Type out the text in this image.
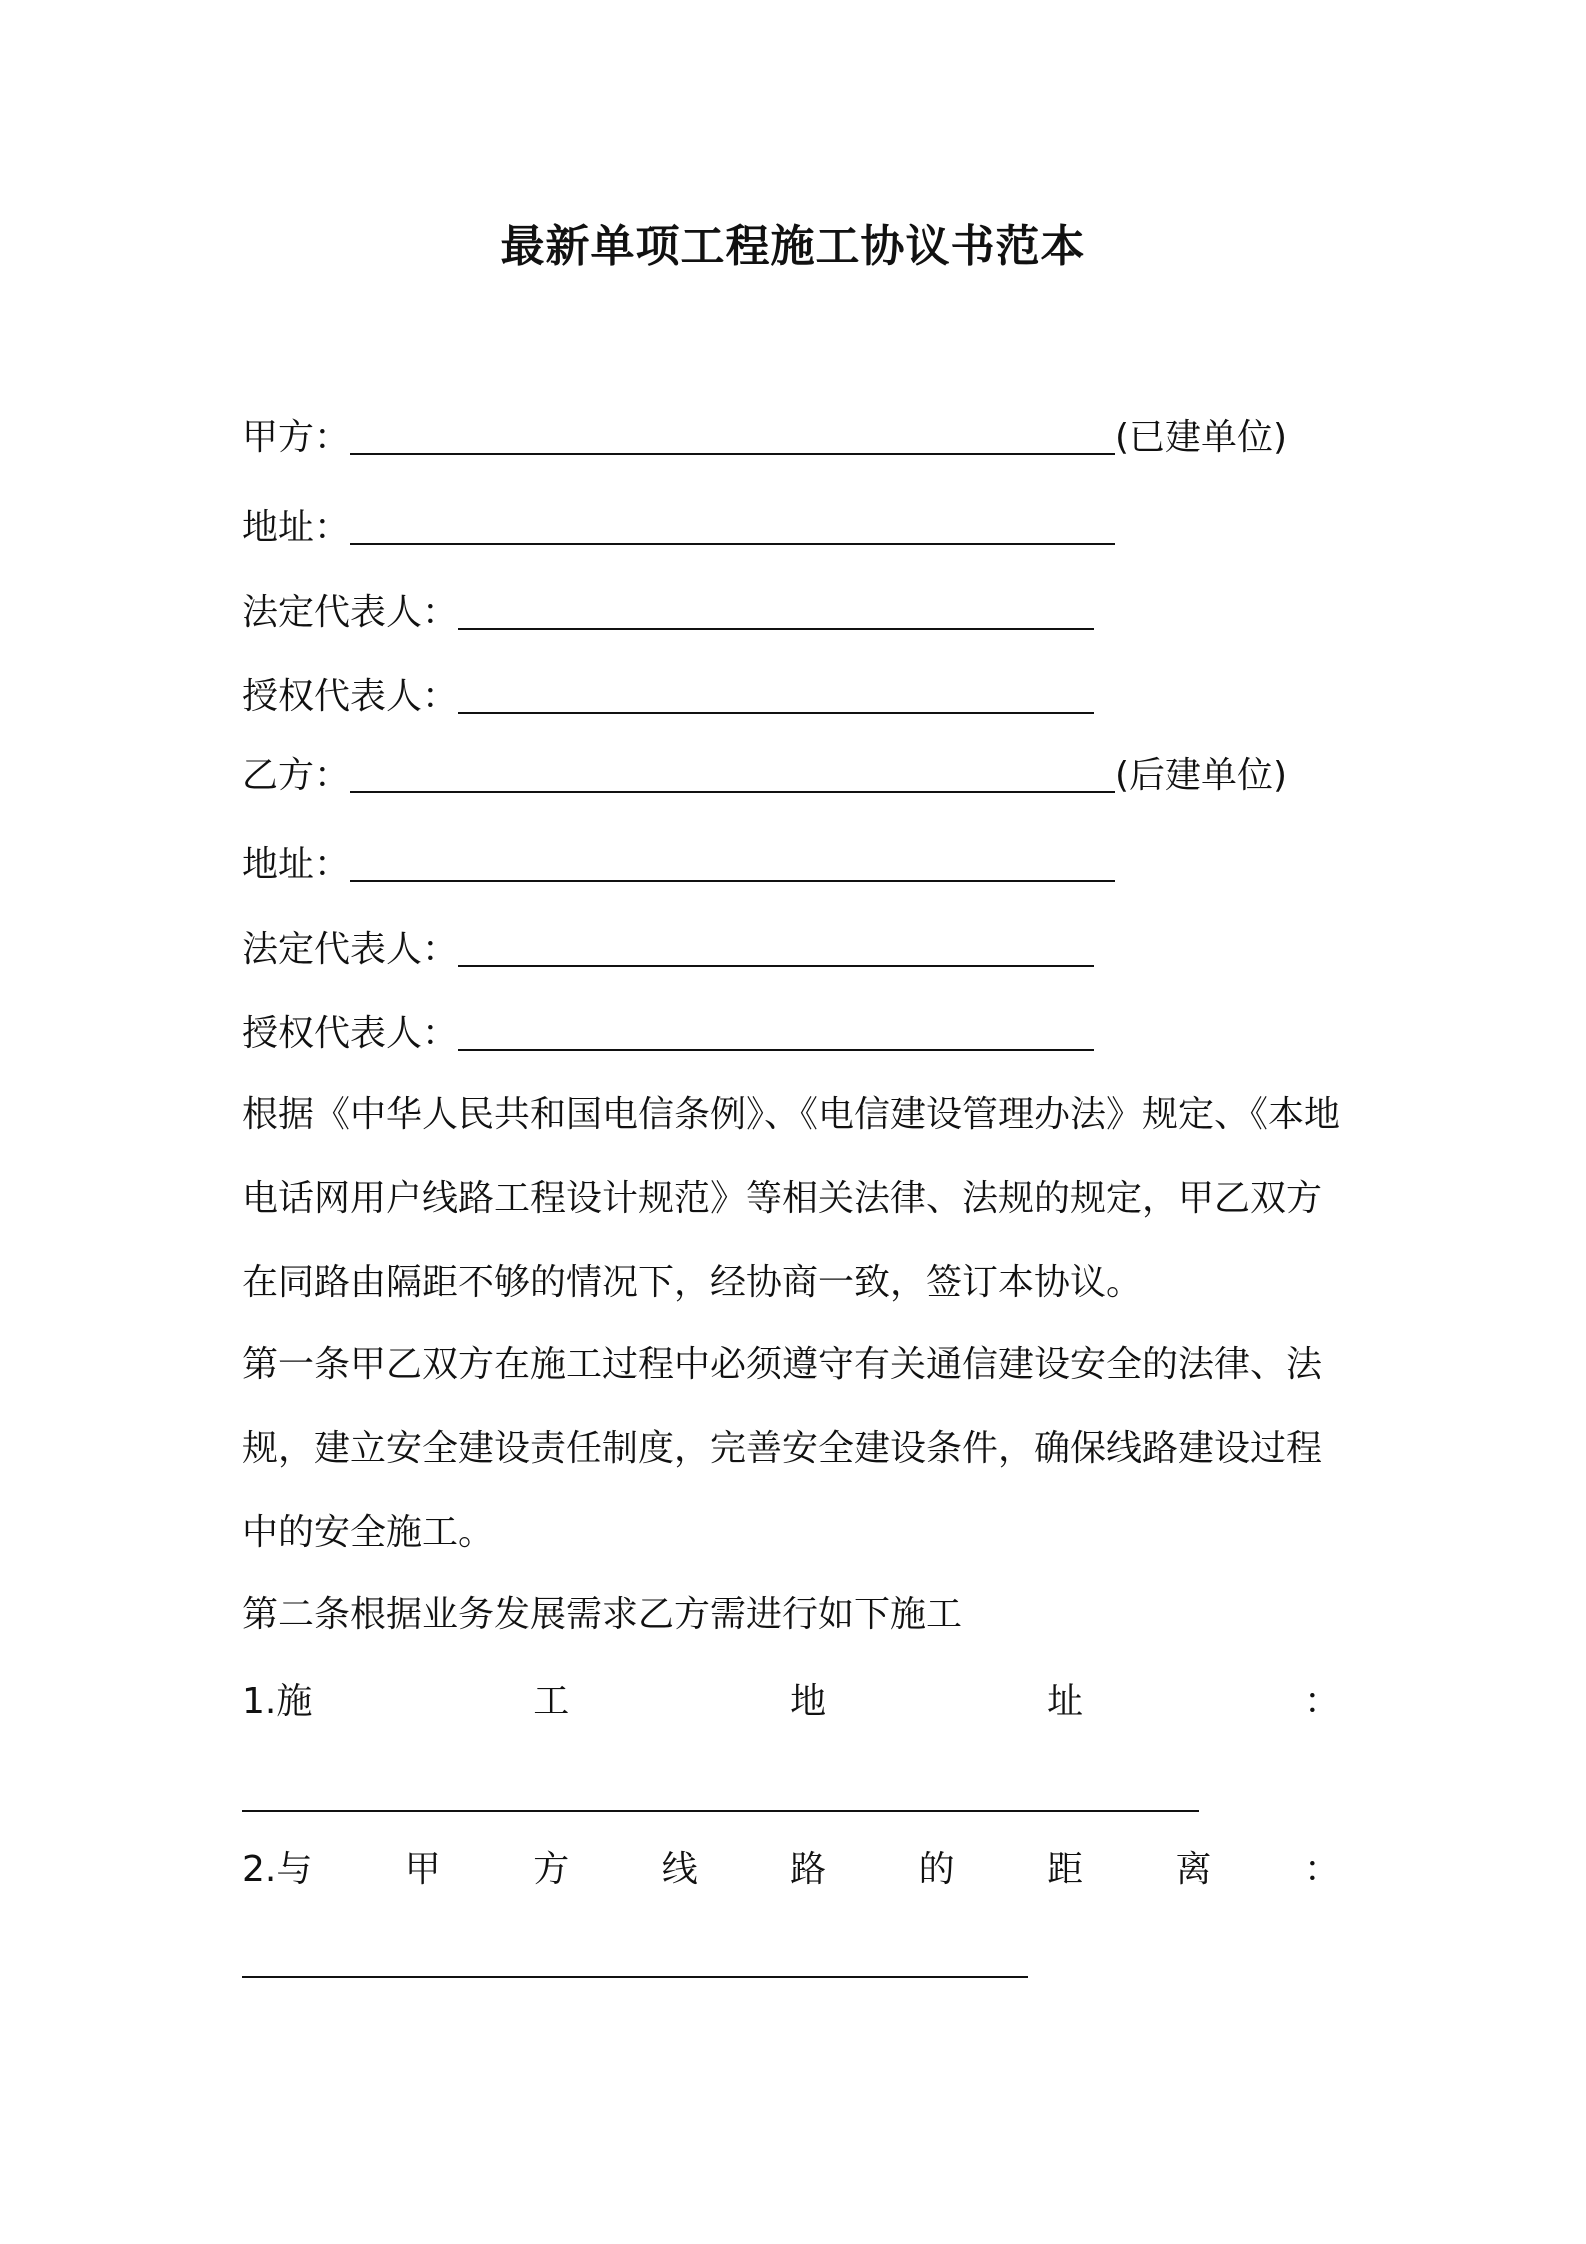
最新单项工程施工协议书范本
甲方：	(已建单位)
地址：
法定代表人：
授权代表人：
乙方：	(后建单位)
地址：
法定代表人：
授权代表人：
根据《中华人民共和国电信条例》、《电信建设管理办法》规定、《本地电话网用户线路工程设计规范》等相关法律、法规的规定，甲乙双方在同路由隔距不够的情况下，经协商一致，签订本协议。
第一条甲乙双方在施工过程中必须遵守有关通信建设安全的法律、法规，建立安全建设责任制度，完善安全建设条件，确保线路建设过程中的安全施工。
第二条根据业务发展需求乙方需进行如下施工
1.施	工	地	址	：
2.与	甲	方	线	路	的	距	离	：
